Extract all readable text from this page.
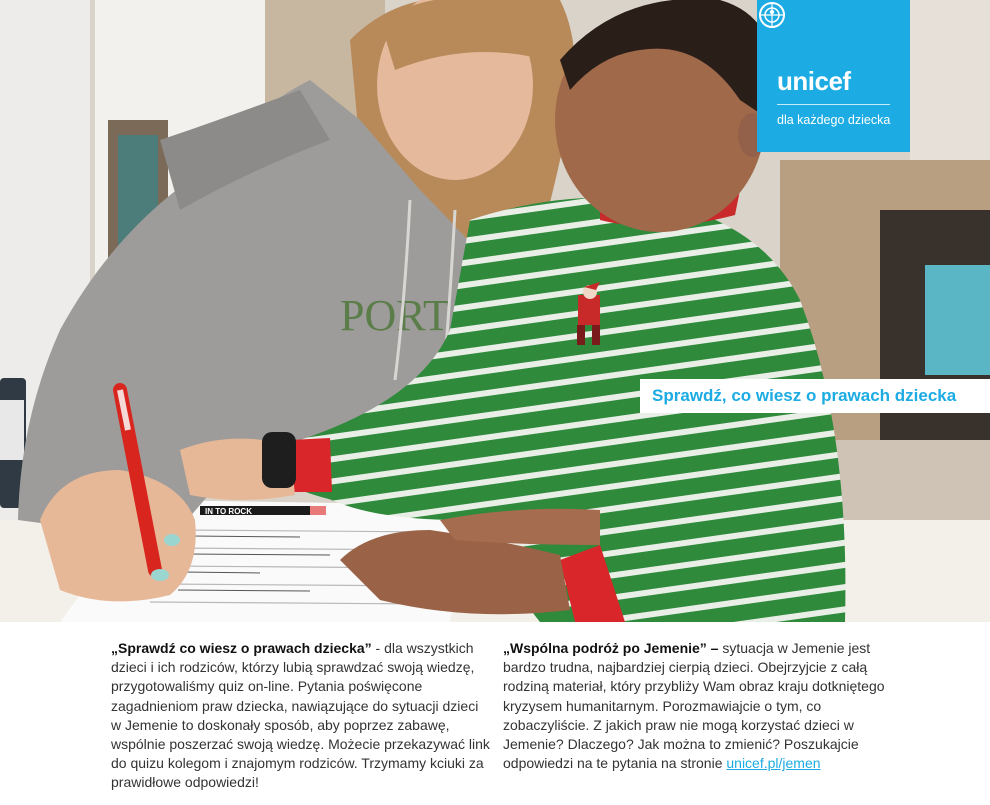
PORT
IN TO ROCK
unicef
dla każdego dziecka
Sprawdź, co wiesz o prawach dziecka
„Sprawdź co wiesz o prawach dziecka” - dla wszystkich dzieci i ich rodziców, którzy lubią sprawdzać swoją wiedzę, przygotowaliśmy quiz on-line. Pytania poświęcone zagadnieniom praw dziecka, nawiązujące do sytuacji dzieci w Jemenie to doskonały sposób, aby poprzez zabawę, wspólnie poszerzać swoją wiedzę. Możecie przekazywać link do quizu kolegom i znajomym rodziców. Trzymamy kciuki za prawidłowe odpowiedzi!
„Wspólna podróż po Jemenie” – sytuacja w Jemenie jest bardzo trudna, najbardziej cierpią dzieci. Obejrzyjcie z całą rodziną materiał, który przybliży Wam obraz kraju dotkniętego kryzysem humanitarnym. Porozmawiajcie o tym, co zobaczyliście. Z jakich praw nie mogą korzystać dzieci w Jemenie? Dlaczego? Jak można to zmienić? Poszukajcie odpowiedzi na te pytania na stronie unicef.pl/jemen
